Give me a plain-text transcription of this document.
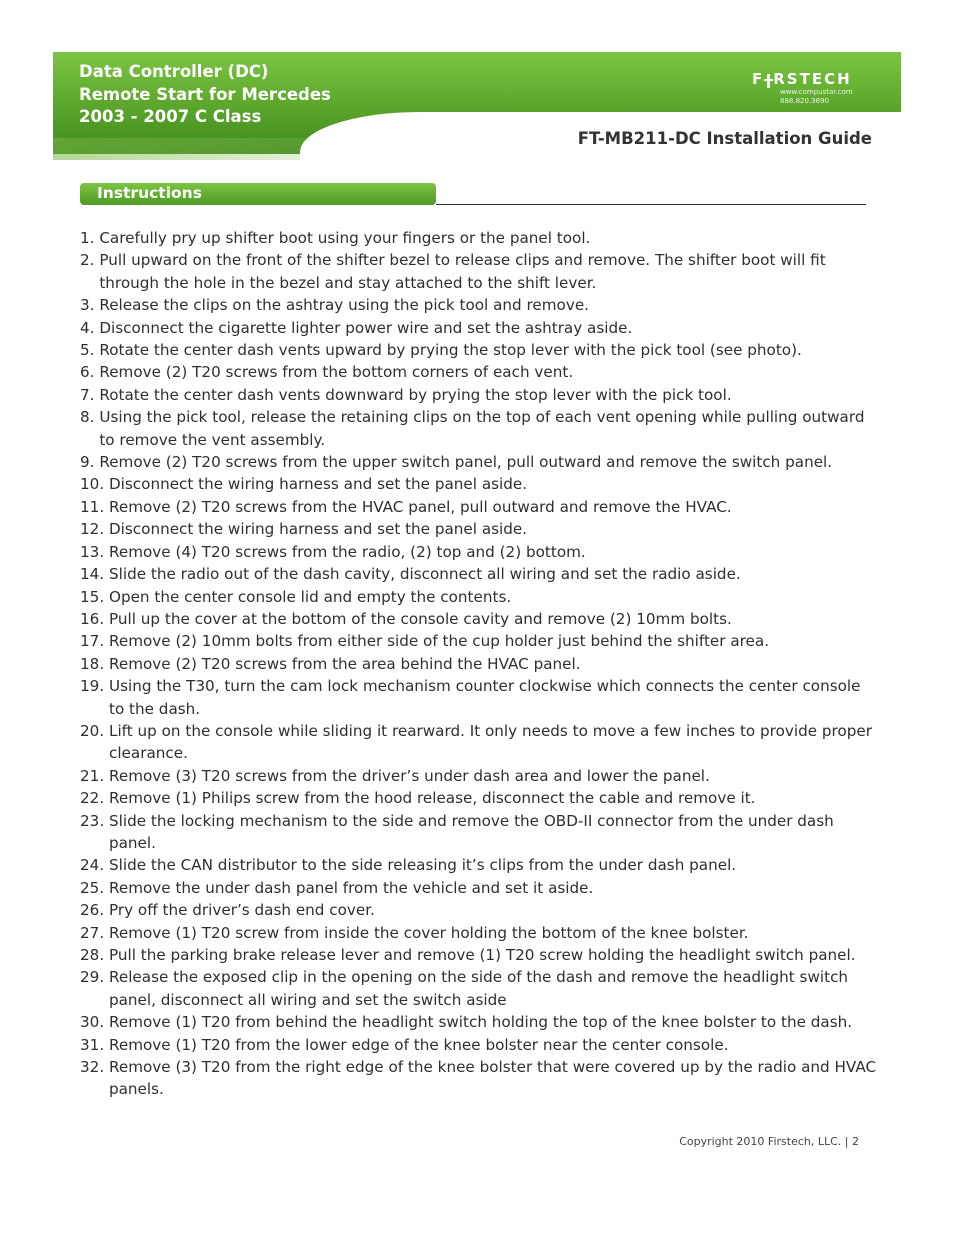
Data Controller (DC)
Remote Start for Mercedes
2003 - 2007 C Class
F RSTECH
www.compustar.com
888.820.3690
FT-MB211-DC Installation Guide
Instructions
1. Carefully pry up shifter boot using your fingers or the panel tool.
2. Pull upward on the front of the shifter bezel to release clips and remove. The shifter boot will fit through the hole in the bezel and stay attached to the shift lever.
3. Release the clips on the ashtray using the pick tool and remove.
4. Disconnect the cigarette lighter power wire and set the ashtray aside.
5. Rotate the center dash vents upward by prying the stop lever with the pick tool (see photo).
6. Remove (2) T20 screws from the bottom corners of each vent.
7. Rotate the center dash vents downward by prying the stop lever with the pick tool.
8. Using the pick tool, release the retaining clips on the top of each vent opening while pulling outward to remove the vent assembly.
9. Remove (2) T20 screws from the upper switch panel, pull outward and remove the switch panel.
10. Disconnect the wiring harness and set the panel aside.
11. Remove (2) T20 screws from the HVAC panel, pull outward and remove the HVAC.
12. Disconnect the wiring harness and set the panel aside.
13. Remove (4) T20 screws from the radio, (2) top and (2) bottom.
14. Slide the radio out of the dash cavity, disconnect all wiring and set the radio aside.
15. Open the center console lid and empty the contents.
16. Pull up the cover at the bottom of the console cavity and remove (2) 10mm bolts.
17. Remove (2) 10mm bolts from either side of the cup holder just behind the shifter area.
18. Remove (2) T20 screws from the area behind the HVAC panel.
19. Using the T30, turn the cam lock mechanism counter clockwise which connects the center console to the dash.
20. Lift up on the console while sliding it rearward. It only needs to move a few inches to provide proper clearance.
21. Remove (3) T20 screws from the driver’s under dash area and lower the panel.
22. Remove (1) Philips screw from the hood release, disconnect the cable and remove it.
23. Slide the locking mechanism to the side and remove the OBD-II connector from the under dash panel.
24. Slide the CAN distributor to the side releasing it’s clips from the under dash panel.
25. Remove the under dash panel from the vehicle and set it aside.
26. Pry off the driver’s dash end cover.
27. Remove (1) T20 screw from inside the cover holding the bottom of the knee bolster.
28. Pull the parking brake release lever and remove (1) T20 screw holding the headlight switch panel.
29. Release the exposed clip in the opening on the side of the dash and remove the headlight switch panel, disconnect all wiring and set the switch aside
30. Remove (1) T20 from behind the headlight switch holding the top of the knee bolster to the dash.
31. Remove (1) T20 from the lower edge of the knee bolster near the center console.
32. Remove (3) T20 from the right edge of the knee bolster that were covered up by the radio and HVAC panels.
Copyright 2010 Firstech, LLC. | 2
